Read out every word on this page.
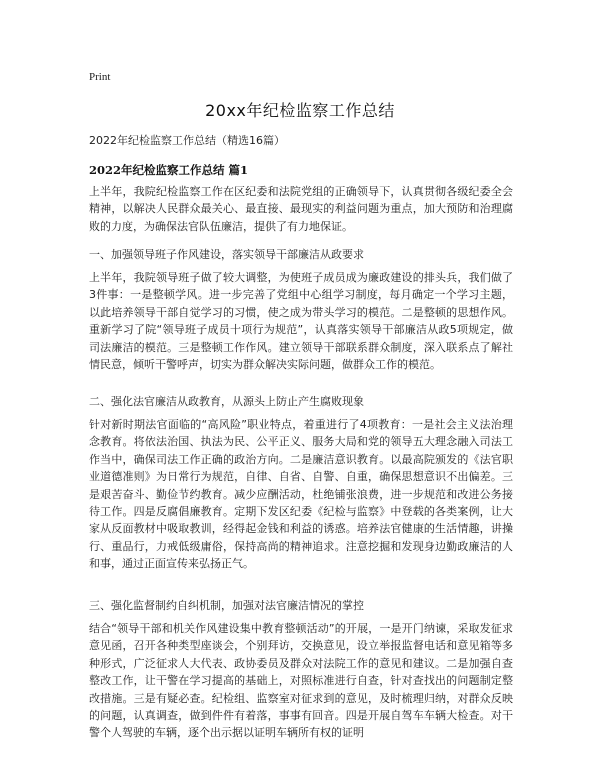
Print
20xx年纪检监察工作总结
2022年纪检监察工作总结（精选16篇）
2022年纪检监察工作总结 篇1

上半年，我院纪检监察工作在区纪委和法院党组的正确领导下，认真贯彻各级纪委全会精神，以解决人民群众最关心、最直接、最现实的利益问题为重点，加大预防和治理腐败的力度，为确保法官队伍廉洁，提供了有力地保证。

一、加强领导班子作风建设，落实领导干部廉洁从政要求

上半年，我院领导班子做了较大调整，为使班子成员成为廉政建设的排头兵，我们做了3件事：一是整顿学风。进一步完善了党组中心组学习制度，每月确定一个学习主题，以此培养领导干部自觉学习的习惯，使之成为带头学习的模范。二是整顿的思想作风。重新学习了院“领导班子成员十项行为规范”，认真落实领导干部廉洁从政5项规定，做司法廉洁的模范。三是整顿工作作风。建立领导干部联系群众制度，深入联系点了解社情民意，倾听干警呼声，切实为群众解决实际问题，做群众工作的模范。

二、强化法官廉洁从政教育，从源头上防止产生腐败现象

针对新时期法官面临的“高风险”职业特点，着重进行了4项教育：一是社会主义法治理念教育。将依法治国、执法为民、公平正义、服务大局和党的领导五大理念融入司法工作当中，确保司法工作正确的政治方向。二是廉洁意识教育。以最高院颁发的《法官职业道德准则》为日常行为规范，自律、自省、自警、自重，确保思想意识不出偏差。三是艰苦奋斗、勤俭节约教育。减少应酬活动，杜绝铺张浪费，进一步规范和改进公务接待工作。四是反腐倡廉教育。定期下发区纪委《纪检与监察》中登载的各类案例，让大家从反面教材中吸取教训，经得起金钱和利益的诱惑。培养法官健康的生活情趣，讲操行、重品行，力戒低级庸俗，保持高尚的精神追求。注意挖掘和发现身边勤政廉洁的人和事，通过正面宣传来弘扬正气。

三、强化监督制约自纠机制，加强对法官廉洁情况的掌控

结合“领导干部和机关作风建设集中教育整顿活动”的开展，一是开门纳谏，采取发征求意见函，召开各种类型座谈会，个别拜访，交换意见，设立举报监督电话和意见箱等多种形式，广泛征求人大代表、政协委员及群众对法院工作的意见和建议。二是加强自查整改工作，让干警在学习提高的基础上，对照标准进行自查，针对查找出的问题制定整改措施。三是有疑必查。纪检组、监察室对征求到的意见，及时梳理归纳，对群众反映的问题，认真调查，做到件件有着落，事事有回音。四是开展自驾车车辆大检查。对干警个人驾驶的车辆，逐个出示据以证明车辆所有权的证明
